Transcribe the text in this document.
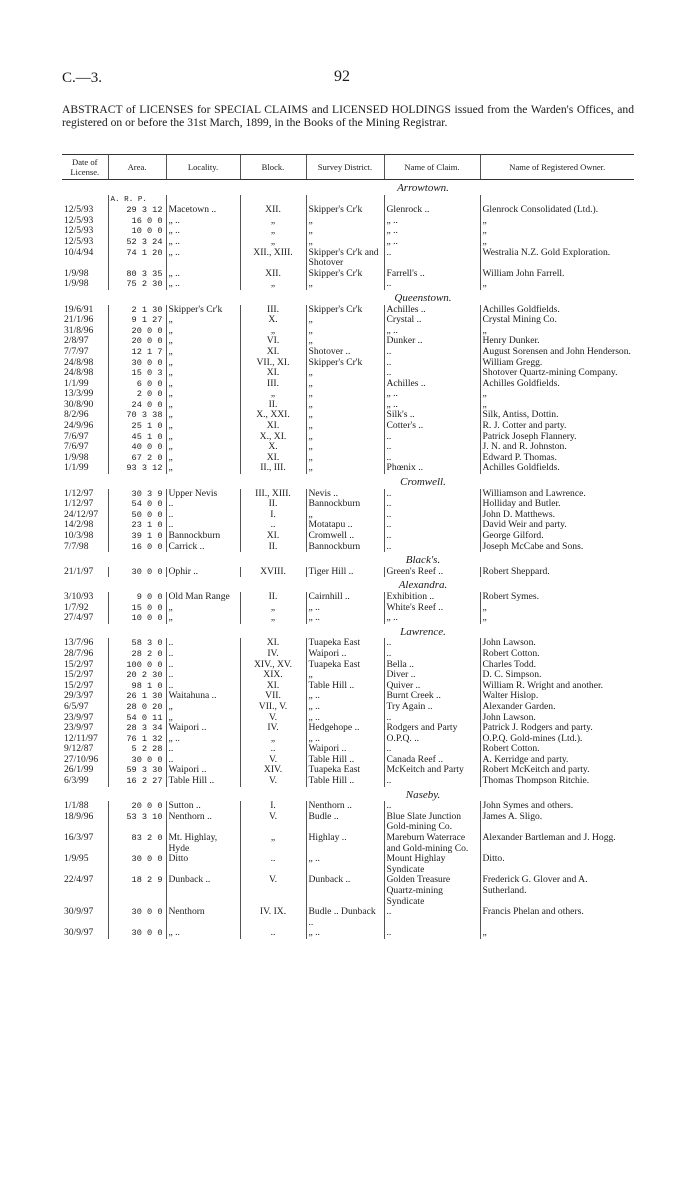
C.—3.	92
ABSTRACT of LICENSES for SPECIAL CLAIMS and LICENSED HOLDINGS issued from the Warden's Offices, and registered on or before the 31st March, 1899, in the Books of the Mining Registrar.
Date of License.	Area.	Locality.	Block.	Survey District.	Name of Claim.	Name of Registered Owner.
Arrowtown.						
	A. R. P.					
12/5/93	29 3 12	Macetown ..	XII.	Skipper's Cr'k	Glenrock ..	Glenrock Consolidated (Ltd.).
12/5/93	16 0 0	„ ..	„	„	„ ..	„
12/5/93	10 0 0	„ ..	„	„	„ ..	„
12/5/93	52 3 24	„ ..	„	„	„ ..	„
10/4/94	74 1 20	„ ..	XII., XIII.	Skipper's Cr'k and Shotover	..	Westralia N.Z. Gold Exploration.
1/9/98	80 3 35	„ ..	XII.	Skipper's Cr'k	Farrell's ..	William John Farrell.
1/9/98	75 2 30	„ ..	„	„	..	„
Queenstown.						
19/6/91	2 1 30	Skipper's Cr'k	III.	Skipper's Cr'k	Achilles ..	Achilles Goldfields.
21/1/96	9 1 27	„	X.	„	Crystal ..	Crystal Mining Co.
31/8/96	20 0 0	„	„	„	„ ..	„
2/8/97	20 0 0	„	VI.	„	Dunker ..	Henry Dunker.
7/7/97	12 1 7	„	XI.	Shotover ..	..	August Sorensen and John Henderson.
24/8/98	30 0 0	„	VII., XI.	Skipper's Cr'k	..	William Gregg.
24/8/98	15 0 3	„	XI.	„	..	Shotover Quartz-mining Company.
1/1/99	6 0 0	„	III.	„	Achilles ..	Achilles Goldfields.
13/3/99	2 0 0	„	„	„	„ ..	„
30/8/90	24 0 0	„	II.	„	„ ..	„
8/2/96	70 3 38	„	X., XXI.	„	Silk's ..	Silk, Antiss, Dottin.
24/9/96	25 1 0	„	XI.	„	Cotter's ..	R. J. Cotter and party.
7/6/97	45 1 0	„	X., XI.	„	..	Patrick Joseph Flannery.
7/6/97	40 0 0	„	X.	„	..	J. N. and R. Johnston.
1/9/98	67 2 0	„	XI.	„	..	Edward P. Thomas.
1/1/99	93 3 12	„	II., III.	„	Phœnix ..	Achilles Goldfields.
Cromwell.						
1/12/97	30 3 9	Upper Nevis	III., XIII.	Nevis ..	..	Williamson and Lawrence.
1/12/97	54 0 0	..	II.	Bannockburn	..	Holliday and Butler.
24/12/97	50 0 0	..	I.	„	..	John D. Matthews.
14/2/98	23 1 0	..	..	Motatapu ..	..	David Weir and party.
10/3/98	39 1 0	Bannockburn	XI.	Cromwell ..	..	George Gilford.
7/7/98	16 0 0	Carrick ..	II.	Bannockburn	..	Joseph McCabe and Sons.
Black's.						
21/1/97	30 0 0	Ophir ..	XVIII.	Tiger Hill ..	Green's Reef ..	Robert Sheppard.
Alexandra.						
3/10/93	9 0 0	Old Man Range	II.	Cairnhill ..	Exhibition ..	Robert Symes.
1/7/92	15 0 0	„	„	„ ..	White's Reef ..	„
27/4/97	10 0 0	„	„	„ ..	„ ..	„
Lawrence.						
13/7/96	58 3 0	..	XI.	Tuapeka East	..	John Lawson.
28/7/96	28 2 0	..	IV.	Waipori ..	..	Robert Cotton.
15/2/97	100 0 0	..	XIV., XV.	Tuapeka East	Bella ..	Charles Todd.
15/2/97	20 2 30	..	XIX.	„	Diver ..	D. C. Simpson.
15/2/97	98 1 0	..	XI.	Table Hill ..	Quiver ..	William R. Wright and another.
29/3/97	26 1 30	Waitahuna ..	VII.	„ ..	Burnt Creek ..	Walter Hislop.
6/5/97	28 0 20	„	VII., V.	„ ..	Try Again ..	Alexander Garden.
23/9/97	54 0 11	„	V.	„ ..	..	John Lawson.
23/9/97	28 3 34	Waipori ..	IV.	Hedgehope ..	Rodgers and Party	Patrick J. Rodgers and party.
12/11/97	76 1 32	„ ..	„	„ ..	O.P.Q. ..	O.P.Q. Gold-mines (Ltd.).
9/12/87	5 2 28	..	..	Waipori ..	..	Robert Cotton.
27/10/96	30 0 0	..	V.	Table Hill ..	Canada Reef ..	A. Kerridge and party.
26/1/99	59 3 30	Waipori ..	XIV.	Tuapeka East	McKeitch and Party	Robert McKeitch and party.
6/3/99	16 2 27	Table Hill ..	V.	Table Hill ..	..	Thomas Thompson Ritchie.
Naseby.						
1/1/88	20 0 0	Sutton ..	I.	Nenthorn ..	..	John Symes and others.
18/9/96	53 3 10	Nenthorn ..	V.	Budle ..	Blue Slate Junction Gold-mining Co.	James A. Sligo.
16/3/97	83 2 0	Mt. Highlay, Hyde	„	Highlay ..	Mareburn Waterrace and Gold-mining Co.	Alexander Bartleman and J. Hogg.
1/9/95	30 0 0	Ditto	..	„ ..	Mount Highlay Syndicate	Ditto.
22/4/97	18 2 9	Dunback ..	V.	Dunback ..	Golden Treasure Quartz-mining Syndicate	Frederick G. Glover and A. Sutherland.
30/9/97	30 0 0	Nenthorn	IV. IX.	Budle .. Dunback ..	..	Francis Phelan and others.
30/9/97	30 0 0	„ ..	..	„ ..	..	„
